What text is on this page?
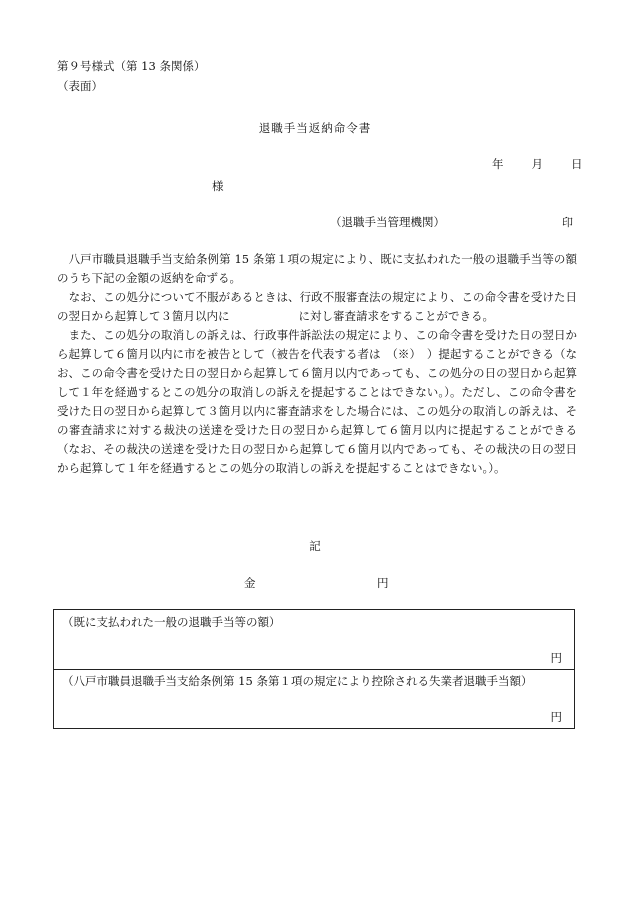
第９号様式（第 13 条関係）
（表面）
退職手当返納命令書
年 月 日
様
（退職手当管理機関）	印

　八戸市職員退職手当支給条例第 15 条第１項の規定により、既に支払われた一般の退職手当等の額のうち下記の金額の返納を命ずる。

　なお、この処分について不服があるときは、行政不服審査法の規定により、この命令書を受けた日の翌日から起算して３箇月以内に　　　　　　に対し審査請求をすることができる。

　また、この処分の取消しの訴えは、行政事件訴訟法の規定により、この命令書を受けた日の翌日から起算して６箇月以内に市を被告として（被告を代表する者は　（※）　）提起することができる（なお、この命令書を受けた日の翌日から起算して６箇月以内であっても、この処分の日の翌日から起算して１年を経過するとこの処分の取消しの訴えを提起することはできない。）。ただし、この命令書を受けた日の翌日から起算して３箇月以内に審査請求をした場合には、この処分の取消しの訴えは、その審査請求に対する裁決の送達を受けた日の翌日から起算して６箇月以内に提起することができる（なお、その裁決の送達を受けた日の翌日から起算して６箇月以内であっても、その裁決の日の翌日から起算して１年を経過するとこの処分の取消しの訴えを提起することはできない。）。

記
金	円
（既に支払われた一般の退職手当等の額）
円
（八戸市職員退職手当支給条例第 15 条第１項の規定により控除される失業者退職手当額）
円
